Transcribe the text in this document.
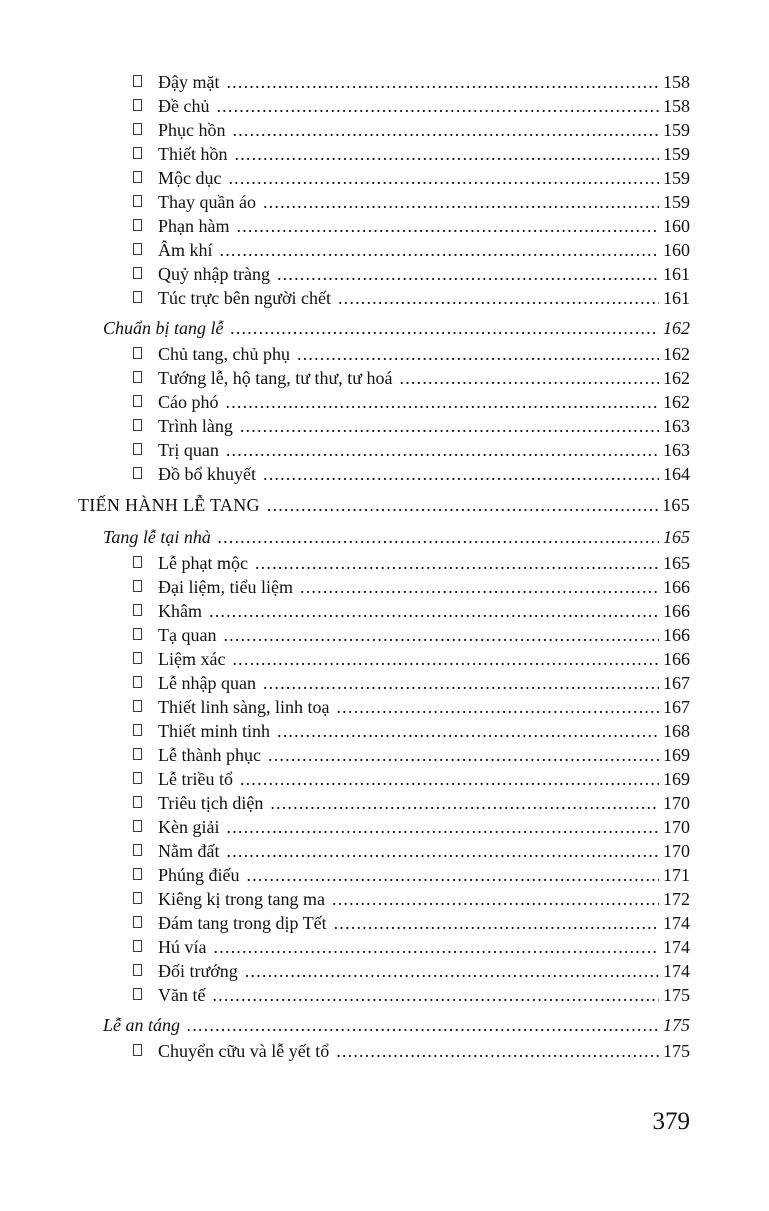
Đậy mặt .....	158
Đề chủ .....	158
Phục hồn .....	159
Thiết hồn .....	159
Mộc dục .....	159
Thay quần áo .....	159
Phạn hàm .....	160
Âm khí .....	160
Quỷ nhập tràng .....	161
Túc trực bên người chết .....	161
Chuẩn bị tang lễ .....	162
Chủ tang, chủ phụ .....	162
Tướng lễ, hộ tang, tư thư, tư hoá .....	162
Cáo phó .....	162
Trình làng .....	163
Trị quan .....	163
Đồ bổ khuyết .....	164
TIẾN HÀNH LỄ TANG .....	165
Tang lễ tại nhà .....	165
Lễ phạt mộc .....	165
Đại liệm, tiểu liệm .....	166
Khâm .....	166
Tạ quan .....	166
Liệm xác .....	166
Lễ nhập quan .....	167
Thiết linh sàng, linh toạ .....	167
Thiết minh tinh .....	168
Lễ thành phục .....	169
Lễ triều tổ .....	169
Triêu tịch diện .....	170
Kèn giải .....	170
Nằm đất .....	170
Phúng điếu .....	171
Kiêng kị trong tang ma .....	172
Đám tang trong dịp Tết .....	174
Hú vía .....	174
Đối trướng .....	174
Văn tế .....	175
Lễ an táng .....	175
Chuyển cữu và lễ yết tổ .....	175
379
